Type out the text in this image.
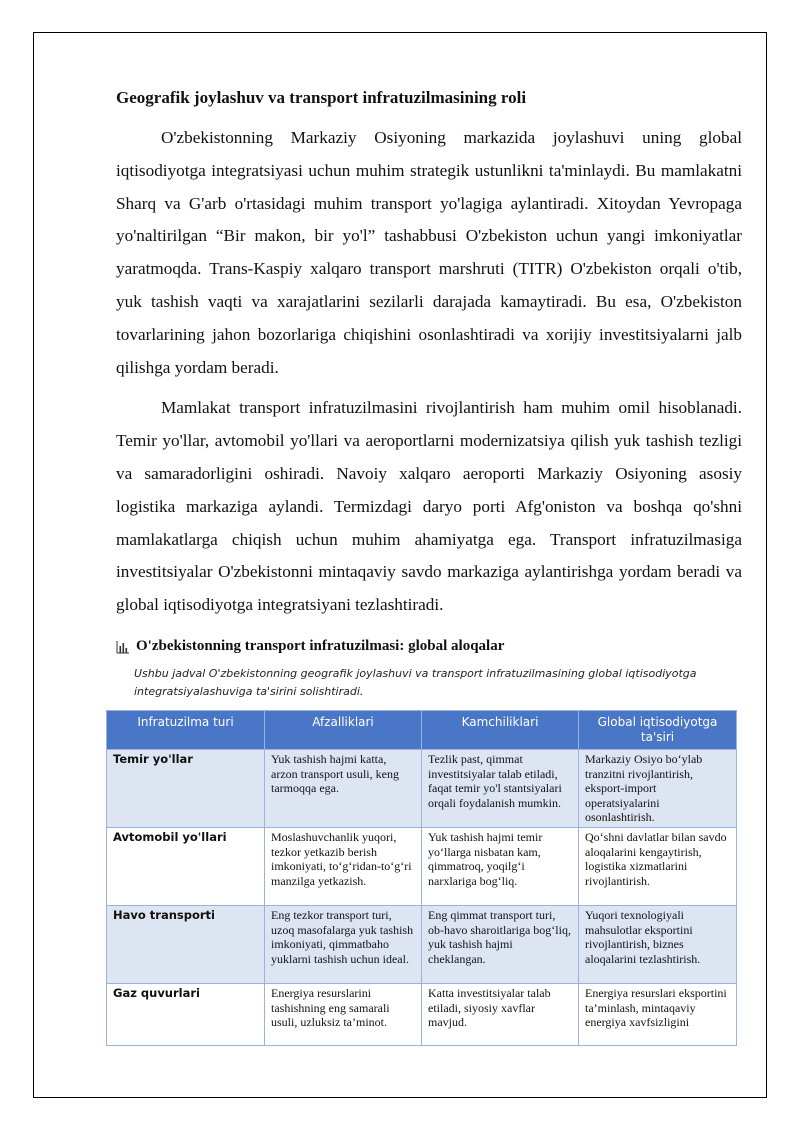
Geografik joylashuv va transport infratuzilmasining roli

O'zbekistonning Markaziy Osiyoning markazida joylashuvi uning global iqtisodiyotga integratsiyasi uchun muhim strategik ustunlikni ta'minlaydi. Bu mamlakatni Sharq va G'arb o'rtasidagi muhim transport yo'lagiga aylantiradi. Xitoydan Yevropaga yo'naltirilgan “Bir makon, bir yo'l” tashabbusi O'zbekiston uchun yangi imkoniyatlar yaratmoqda. Trans-Kaspiy xalqaro transport marshruti (TITR) O'zbekiston orqali o'tib, yuk tashish vaqti va xarajatlarini sezilarli darajada kamaytiradi. Bu esa, O'zbekiston tovarlarining jahon bozorlariga chiqishini osonlashtiradi va xorijiy investitsiyalarni jalb qilishga yordam beradi.

Mamlakat transport infratuzilmasini rivojlantirish ham muhim omil hisoblanadi. Temir yo'llar, avtomobil yo'llari va aeroportlarni modernizatsiya qilish yuk tashish tezligi va samaradorligini oshiradi. Navoiy xalqaro aeroporti Markaziy Osiyoning asosiy logistika markaziga aylandi. Termizdagi daryo porti Afg'oniston va boshqa qo'shni mamlakatlarga chiqish uchun muhim ahamiyatga ega. Transport infratuzilmasiga investitsiyalar O'zbekistonni mintaqaviy savdo markaziga aylantirishga yordam beradi va global iqtisodiyotga integratsiyani tezlashtiradi.

O'zbekistonning transport infratuzilmasi: global aloqalar
Ushbu jadval O'zbekistonning geografik joylashuvi va transport infratuzilmasining global iqtisodiyotga integratsiyalashuviga ta'sirini solishtiradi.
Infratuzilma turi	Afzalliklari	Kamchiliklari	Global iqtisodiyotga ta'siri
Temir yo'llar	Yuk tashish hajmi katta, arzon transport usuli, keng tarmoqqa ega.	Tezlik past, qimmat investitsiyalar talab etiladi, faqat temir yo'l stantsiyalari orqali foydalanish mumkin.	Markaziy Osiyo bo‘ylab tranzitni rivojlantirish, eksport-import operatsiyalarini osonlashtirish.
Avtomobil yo'llari	Moslashuvchanlik yuqori, tezkor yetkazib berish imkoniyati, to‘g‘ridan-to‘g‘ri manzilga yetkazish.	Yuk tashish hajmi temir yo‘llarga nisbatan kam, qimmatroq, yoqilg‘i narxlariga bog‘liq.	Qo‘shni davlatlar bilan savdo aloqalarini kengaytirish, logistika xizmatlarini rivojlantirish.
Havo transporti	Eng tezkor transport turi, uzoq masofalarga yuk tashish imkoniyati, qimmatbaho yuklarni tashish uchun ideal.	Eng qimmat transport turi, ob-havo sharoitlariga bog‘liq, yuk tashish hajmi cheklangan.	Yuqori texnologiyali mahsulotlar eksportini rivojlantirish, biznes aloqalarini tezlashtirish.
Gaz quvurlari	Energiya resurslarini tashishning eng samarali usuli, uzluksiz ta’minot.	Katta investitsiyalar talab etiladi, siyosiy xavflar mavjud.	Energiya resurslari eksportini ta’minlash, mintaqaviy energiya xavfsizligini
